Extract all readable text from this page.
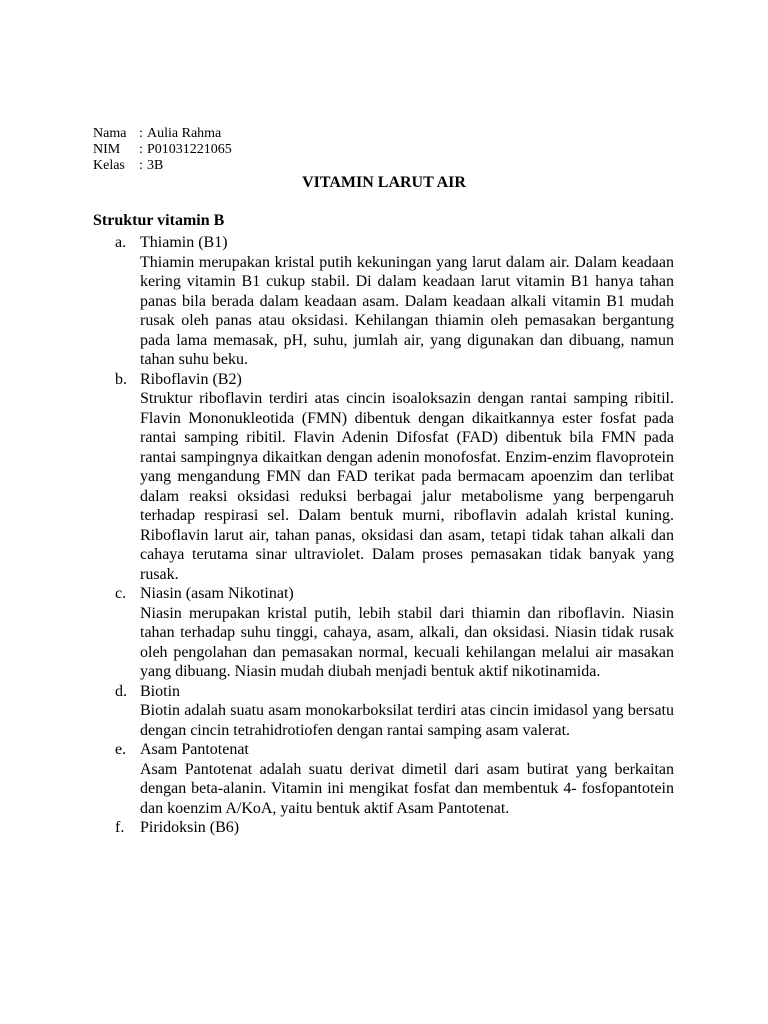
Nama : Aulia Rahma
NIM	: P01031221065
Kelas	: 3B
VITAMIN LARUT AIR
Struktur vitamin B
a. Thiamin (B1)
Thiamin merupakan kristal putih kekuningan yang larut dalam air. Dalam keadaan kering vitamin B1 cukup stabil. Di dalam keadaan larut vitamin B1 hanya tahan panas bila berada dalam keadaan asam. Dalam keadaan alkali vitamin B1 mudah rusak oleh panas atau oksidasi. Kehilangan thiamin oleh pemasakan bergantung pada lama memasak, pH, suhu, jumlah air, yang digunakan dan dibuang, namun tahan suhu beku.
b. Riboflavin (B2)
Struktur riboflavin terdiri atas cincin isoaloksazin dengan rantai samping ribitil. Flavin Mononukleotida (FMN) dibentuk dengan dikaitkannya ester fosfat pada rantai samping ribitil. Flavin Adenin Difosfat (FAD) dibentuk bila FMN pada rantai sampingnya dikaitkan dengan adenin monofosfat. Enzim-enzim flavoprotein yang mengandung FMN dan FAD terikat pada bermacam apoenzim dan terlibat dalam reaksi oksidasi reduksi berbagai jalur metabolisme yang berpengaruh terhadap respirasi sel. Dalam bentuk murni, riboflavin adalah kristal kuning. Riboflavin larut air, tahan panas, oksidasi dan asam, tetapi tidak tahan alkali dan cahaya terutama sinar ultraviolet. Dalam proses pemasakan tidak banyak yang rusak.
c. Niasin (asam Nikotinat)
Niasin merupakan kristal putih, lebih stabil dari thiamin dan riboflavin. Niasin tahan terhadap suhu tinggi, cahaya, asam, alkali, dan oksidasi. Niasin tidak rusak oleh pengolahan dan pemasakan normal, kecuali kehilangan melalui air masakan yang dibuang. Niasin mudah diubah menjadi bentuk aktif nikotinamida.
d. Biotin
Biotin adalah suatu asam monokarboksilat terdiri atas cincin imidasol yang bersatu dengan cincin tetrahidrotiofen dengan rantai samping asam valerat.
e. Asam Pantotenat
Asam Pantotenat adalah suatu derivat dimetil dari asam butirat yang berkaitan dengan beta-alanin. Vitamin ini mengikat fosfat dan membentuk 4- fosfopantotein dan koenzim A/KoA, yaitu bentuk aktif Asam Pantotenat.
f. Piridoksin (B6)
